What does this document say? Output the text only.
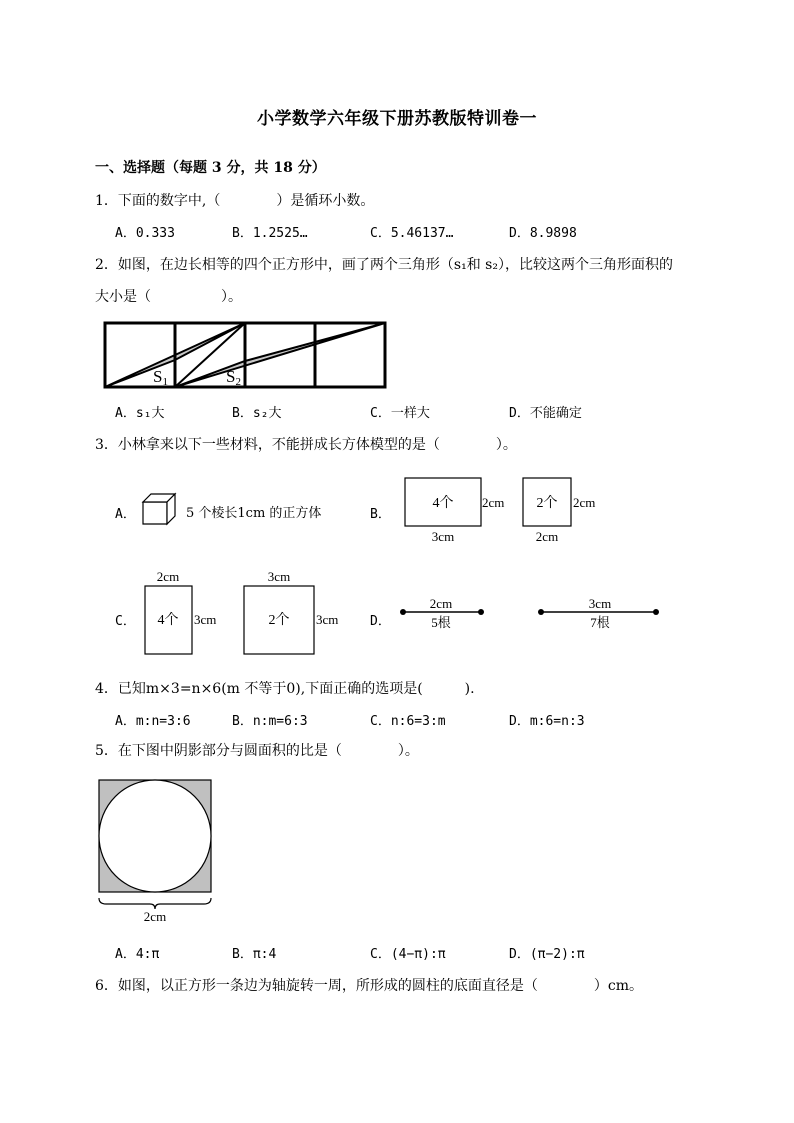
小学数学六年级下册苏教版特训卷一
一、选择题（每题 3 分，共 18 分）
1．下面的数字中,（　　　　）是循环小数。
A．0.333	B．1.2525…	C．5.46137…	D．8.9898
2．如图，在边长相等的四个正方形中，画了两个三角形（s₁和 s₂），比较这两个三角形面积的
大小是（　　　　　）。
S1	S2
A．s₁大	B．s₂大	C．一样大	D．不能确定
3．小林拿来以下一些材料，不能拼成长方体模型的是（　　　　）。
A．	5 个棱长1cm 的正方体	B．
4个 2cm
3cm
2个 2cm
2cm
C．
2cm
4个 3cm
3cm
2个 3cm D．
2cm
5根
3cm
7根
4．已知m×3=n×6(m 不等于0),下面正确的选项是(　　　).
A．m:n=3:6	B．n:m=6:3	C．n:6=3:m	D．m:6=n:3
5．在下图中阴影部分与圆面积的比是（　　　　）。
2cm
A．4:π	B．π:4	C．(4−π):π	D．(π−2):π
6．如图，以正方形一条边为轴旋转一周，所形成的圆柱的底面直径是（　　　　）cm。
